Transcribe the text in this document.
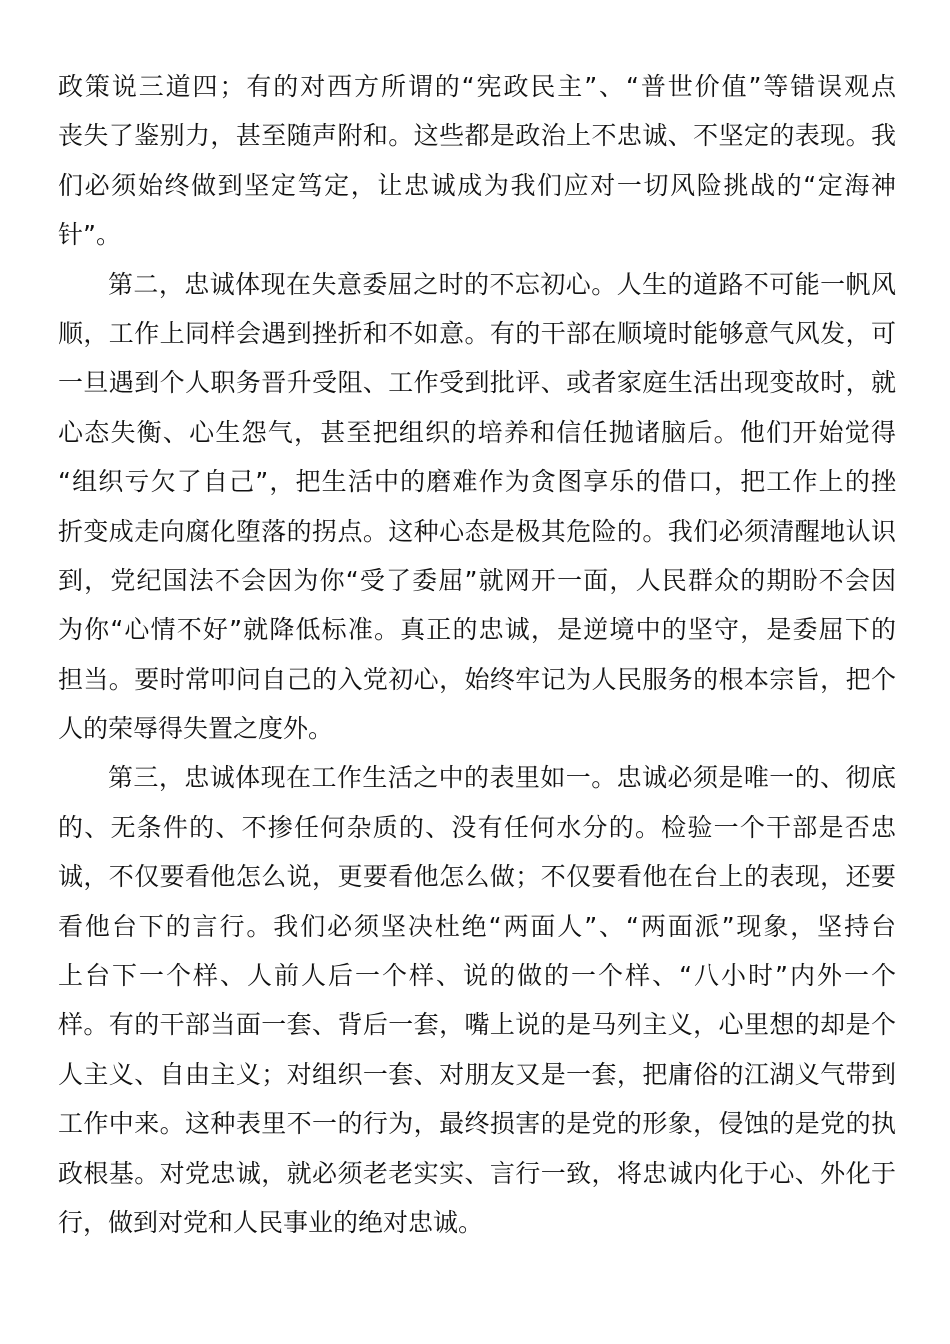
政策说三道四；有的对西方所谓的“宪政民主”、“普世价值”等错误观点
丧失了鉴别力，甚至随声附和。这些都是政治上不忠诚、不坚定的表现。我
们必须始终做到坚定笃定，让忠诚成为我们应对一切风险挑战的“定海神
针”。
第二，忠诚体现在失意委屈之时的不忘初心。人生的道路不可能一帆风
顺，工作上同样会遇到挫折和不如意。有的干部在顺境时能够意气风发，可
一旦遇到个人职务晋升受阻、工作受到批评、或者家庭生活出现变故时，就
心态失衡、心生怨气，甚至把组织的培养和信任抛诸脑后。他们开始觉得
“组织亏欠了自己”，把生活中的磨难作为贪图享乐的借口，把工作上的挫
折变成走向腐化堕落的拐点。这种心态是极其危险的。我们必须清醒地认识
到，党纪国法不会因为你“受了委屈”就网开一面，人民群众的期盼不会因
为你“心情不好”就降低标准。真正的忠诚，是逆境中的坚守，是委屈下的
担当。要时常叩问自己的入党初心，始终牢记为人民服务的根本宗旨，把个
人的荣辱得失置之度外。
第三，忠诚体现在工作生活之中的表里如一。忠诚必须是唯一的、彻底
的、无条件的、不掺任何杂质的、没有任何水分的。检验一个干部是否忠
诚，不仅要看他怎么说，更要看他怎么做；不仅要看他在台上的表现，还要
看他台下的言行。我们必须坚决杜绝“两面人”、“两面派”现象，坚持台
上台下一个样、人前人后一个样、说的做的一个样、“八小时”内外一个
样。有的干部当面一套、背后一套，嘴上说的是马列主义，心里想的却是个
人主义、自由主义；对组织一套、对朋友又是一套，把庸俗的江湖义气带到
工作中来。这种表里不一的行为，最终损害的是党的形象，侵蚀的是党的执
政根基。对党忠诚，就必须老老实实、言行一致，将忠诚内化于心、外化于
行，做到对党和人民事业的绝对忠诚。
